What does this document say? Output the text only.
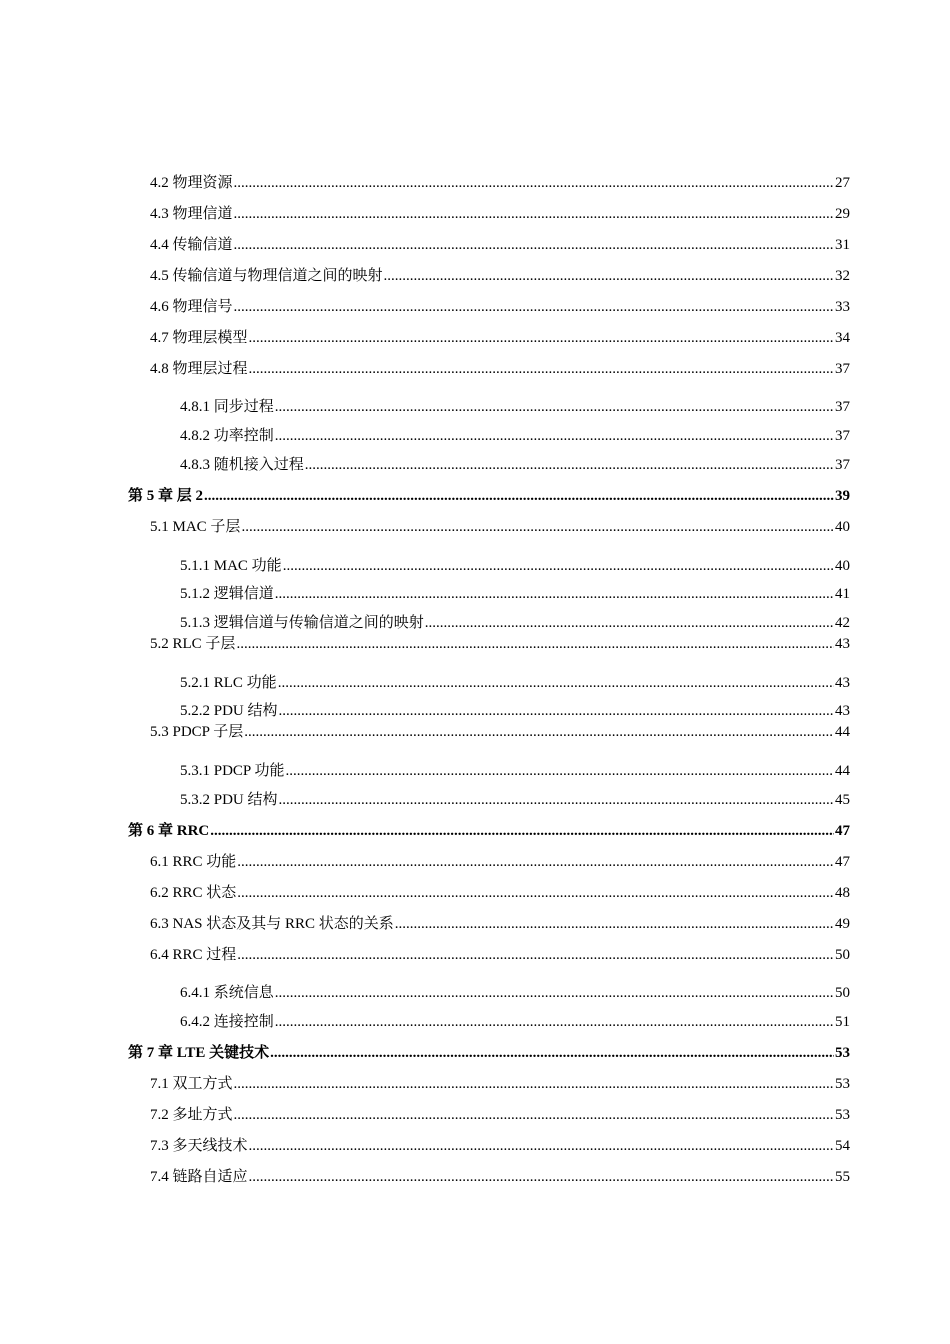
4.2 物理资源 .....	27
4.3 物理信道 .....	29
4.4 传输信道 .....	31
4.5 传输信道与物理信道之间的映射 .....	32
4.6 物理信号 .....	33
4.7 物理层模型 .....	34
4.8 物理层过程 .....	37
4.8.1 同步过程 .....	37
4.8.2 功率控制 .....	37
4.8.3 随机接入过程 .....	37
第 5 章 层 2 .....	39
5.1 MAC 子层 .....	40
5.1.1 MAC 功能 .....	40
5.1.2 逻辑信道 .....	41
5.1.3 逻辑信道与传输信道之间的映射 .....	42
5.2 RLC 子层 .....	43
5.2.1 RLC 功能 .....	43
5.2.2 PDU 结构 .....	43
5.3 PDCP 子层 .....	44
5.3.1 PDCP 功能 .....	44
5.3.2 PDU 结构 .....	45
第 6 章 RRC .....	47
6.1 RRC 功能 .....	47
6.2 RRC 状态 .....	48
6.3 NAS 状态及其与 RRC 状态的关系 .....	49
6.4 RRC 过程 .....	50
6.4.1 系统信息 .....	50
6.4.2 连接控制 .....	51
第 7 章 LTE 关键技术 .....	53
7.1 双工方式 .....	53
7.2 多址方式 .....	53
7.3 多天线技术 .....	54
7.4 链路自适应 .....	55
